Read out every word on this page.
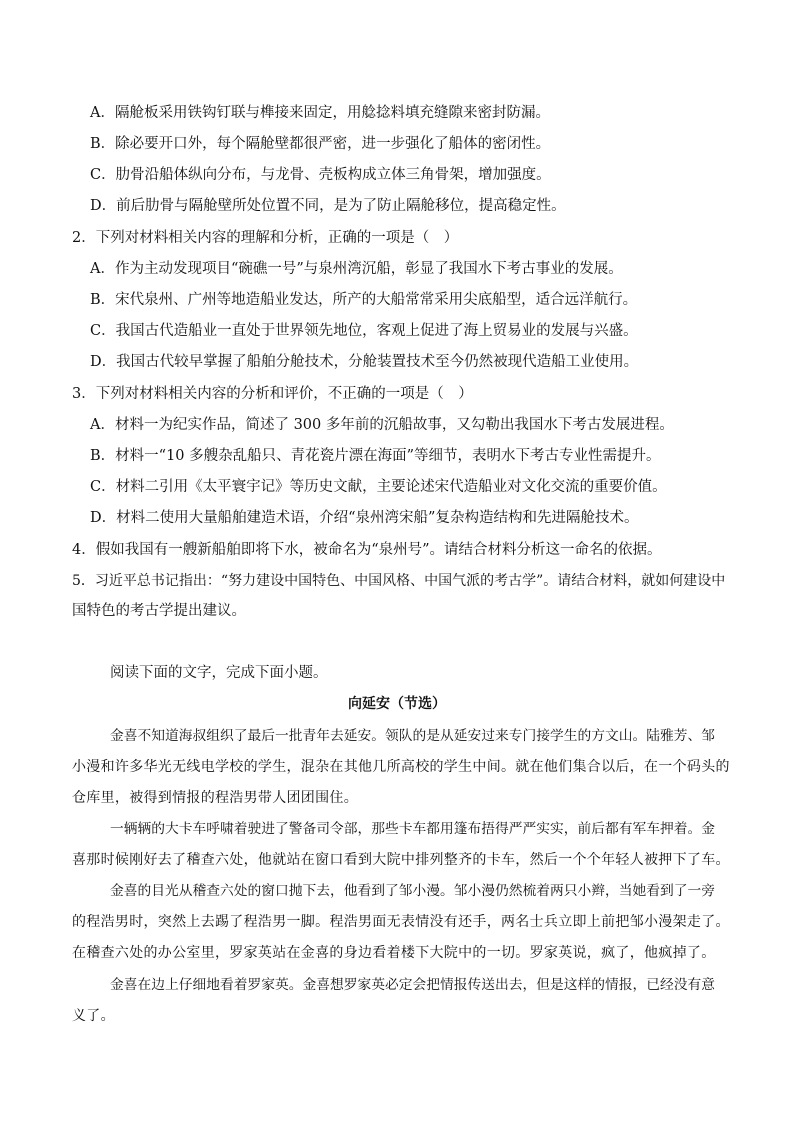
A．隔舱板采用铁钩钉联与榫接来固定，用艌捻料填充缝隙来密封防漏。
B．除必要开口外，每个隔舱壁都很严密，进一步强化了船体的密闭性。
C．肋骨沿船体纵向分布，与龙骨、壳板构成立体三角骨架，增加强度。
D．前后肋骨与隔舱壁所处位置不同，是为了防止隔舱移位，提高稳定性。
2．下列对材料相关内容的理解和分析，正确的一项是（　）
A．作为主动发现项目“碗礁一号”与泉州湾沉船，彰显了我国水下考古事业的发展。
B．宋代泉州、广州等地造船业发达，所产的大船常常采用尖底船型，适合远洋航行。
C．我国古代造船业一直处于世界领先地位，客观上促进了海上贸易业的发展与兴盛。
D．我国古代较早掌握了船舶分舱技术，分舱装置技术至今仍然被现代造船工业使用。
3．下列对材料相关内容的分析和评价，不正确的一项是（　）
A．材料一为纪实作品，简述了 300 多年前的沉船故事，又勾勒出我国水下考古发展进程。
B．材料一“10 多艘杂乱船只、青花瓷片漂在海面”等细节，表明水下考古专业性需提升。
C．材料二引用《太平寰宇记》等历史文献，主要论述宋代造船业对文化交流的重要价值。
D．材料二使用大量船舶建造术语，介绍“泉州湾宋船”复杂构造结构和先进隔舱技术。
4．假如我国有一艘新船舶即将下水，被命名为“泉州号”。请结合材料分析这一命名的依据。
5．习近平总书记指出：“努力建设中国特色、中国风格、中国气派的考古学”。请结合材料，就如何建设中
国特色的考古学提出建议。
阅读下面的文字，完成下面小题。
向延安（节选）
金喜不知道海叔组织了最后一批青年去延安。领队的是从延安过来专门接学生的方文山。陆雅芳、邹
小漫和许多华光无线电学校的学生，混杂在其他几所高校的学生中间。就在他们集合以后，在一个码头的
仓库里，被得到情报的程浩男带人团团围住。
一辆辆的大卡车呼啸着驶进了警备司令部，那些卡车都用篷布捂得严严实实，前后都有军车押着。金
喜那时候刚好去了稽查六处，他就站在窗口看到大院中排列整齐的卡车，然后一个个年轻人被押下了车。
金喜的目光从稽查六处的窗口抛下去，他看到了邹小漫。邹小漫仍然梳着两只小辫，当她看到了一旁
的程浩男时，突然上去踢了程浩男一脚。程浩男面无表情没有还手，两名士兵立即上前把邹小漫架走了。
在稽查六处的办公室里，罗家英站在金喜的身边看着楼下大院中的一切。罗家英说，疯了，他疯掉了。
金喜在边上仔细地看着罗家英。金喜想罗家英必定会把情报传送出去，但是这样的情报，已经没有意
义了。
